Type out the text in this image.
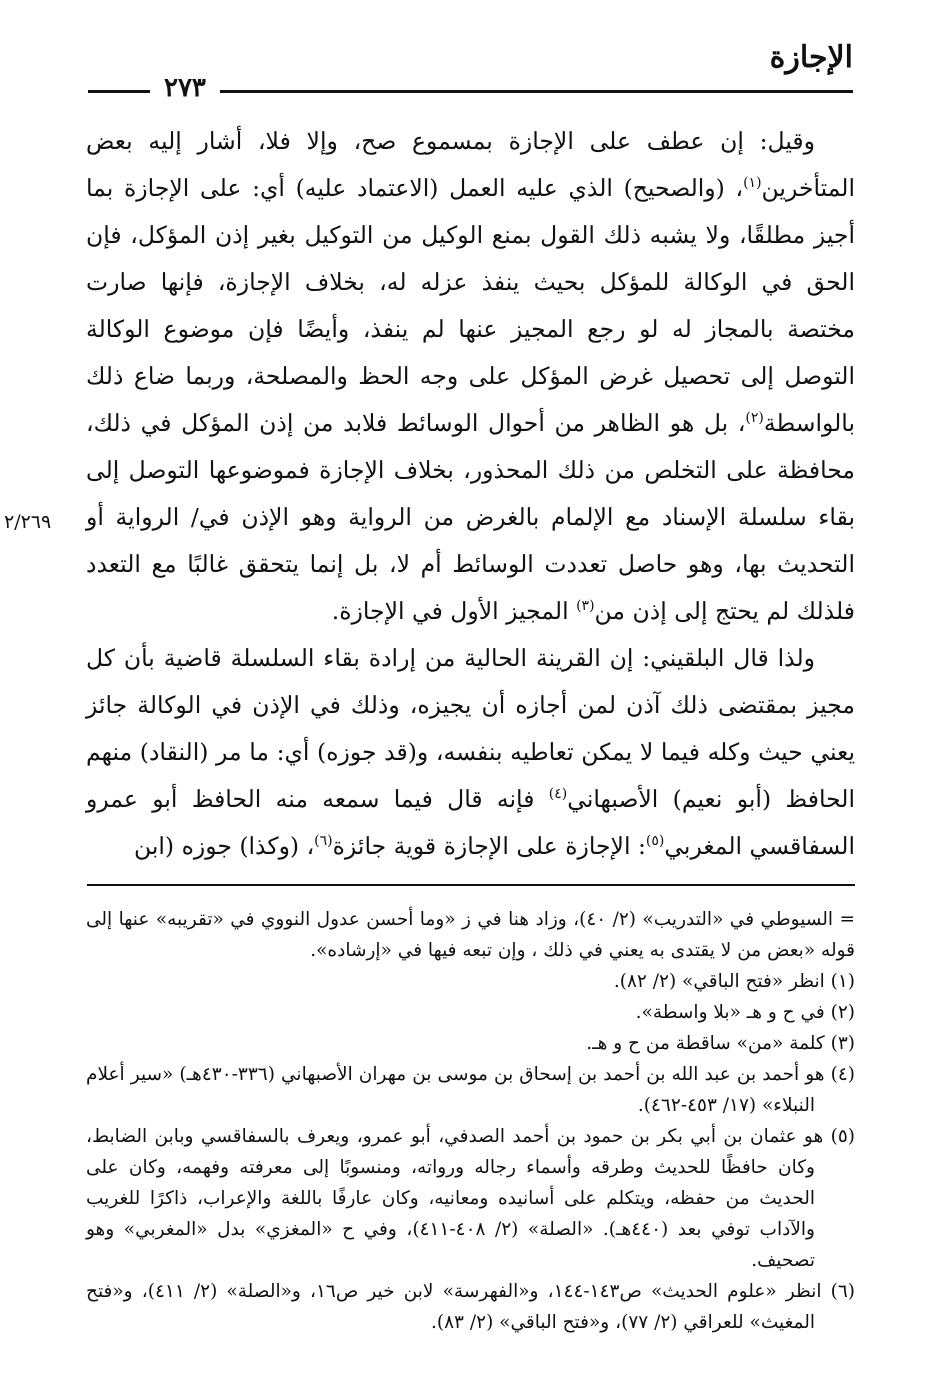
الإجازة
٢٧٣
٢/٢٦٩

وقيل: إن عطف على الإجازة بمسموع صح، وإلا فلا، أشار إليه بعض المتأخرين$^{(١)}$، (والصحيح) الذي عليه العمل (الاعتماد عليه) أي: على الإجازة بما أجيز مطلقًا، ولا يشبه ذلك القول بمنع الوكيل من التوكيل بغير إذن المؤكل، فإن الحق في الوكالة للمؤكل بحيث ينفذ عزله له، بخلاف الإجازة، فإنها صارت مختصة بالمجاز له لو رجع المجيز عنها لم ينفذ، وأيضًا فإن موضوع الوكالة التوصل إلى تحصيل غرض المؤكل على وجه الحظ والمصلحة، وربما ضاع ذلك بالواسطة$^{(٢)}$، بل هو الظاهر من أحوال الوسائط فلابد من إذن المؤكل في ذلك، محافظة على التخلص من ذلك المحذور، بخلاف الإجازة فموضوعها التوصل إلى بقاء سلسلة الإسناد مع الإلمام بالغرض من الرواية وهو الإذن في/ الرواية أو التحديث بها، وهو حاصل تعددت الوسائط أم لا، بل إنما يتحقق غالبًا مع التعدد فلذلك لم يحتج إلى إذن من$^{(٣)}$ المجيز الأول في الإجازة.

ولذا قال البلقيني: إن القرينة الحالية من إرادة بقاء السلسلة قاضية بأن كل مجيز بمقتضى ذلك آذن لمن أجازه أن يجيزه، وذلك في الإذن في الوكالة جائز يعني حيث وكله فيما لا يمكن تعاطيه بنفسه، و(قد جوزه) أي: ما مر (النقاد) منهم الحافظ (أبو نعيم) الأصبهاني$^{(٤)}$ فإنه قال فيما سمعه منه الحافظ أبو عمرو السفاقسي المغربي$^{(٥)}$: الإجازة على الإجازة قوية جائزة$^{(٦)}$، (وكذا) جوزه (ابن

= السيوطي في «التدريب» (٢/ ٤٠)، وزاد هنا في ز «وما أحسن عدول النووي في «تقريبه» عنها إلى قوله «بعض من لا يقتدى به يعني في ذلك ، وإن تبعه فيها في «إرشاده».

(١) انظر «فتح الباقي» (٢/ ٨٢).

(٢) في ح و هـ «بلا واسطة».

(٣) كلمة «من» ساقطة من ح و هـ.

(٤) هو أحمد بن عبد الله بن أحمد بن إسحاق بن موسى بن مهران الأصبهاني (٣٣٦-٤٣٠هـ) «سير أعلام النبلاء» (١٧/ ٤٥٣-٤٦٢).

(٥) هو عثمان بن أبي بكر بن حمود بن أحمد الصدفي، أبو عمرو، ويعرف بالسفاقسي وبابن الضابط، وكان حافظًا للحديث وطرقه وأسماء رجاله ورواته، ومنسوبًا إلى معرفته وفهمه، وكان على الحديث من حفظه، ويتكلم على أسانيده ومعانيه، وكان عارفًا باللغة والإعراب، ذاكرًا للغريب والآداب توفي بعد (٤٤٠هـ). «الصلة» (٢/ ٤٠٨-٤١١)، وفي ح «المغزي» بدل «المغربي» وهو تصحيف.

(٦) انظر «علوم الحديث» ص١٤٣-١٤٤، و«الفهرسة» لابن خير ص١٦، و«الصلة» (٢/ ٤١١)، و«فتح المغيث» للعراقي (٢/ ٧٧)، و«فتح الباقي» (٢/ ٨٣).
